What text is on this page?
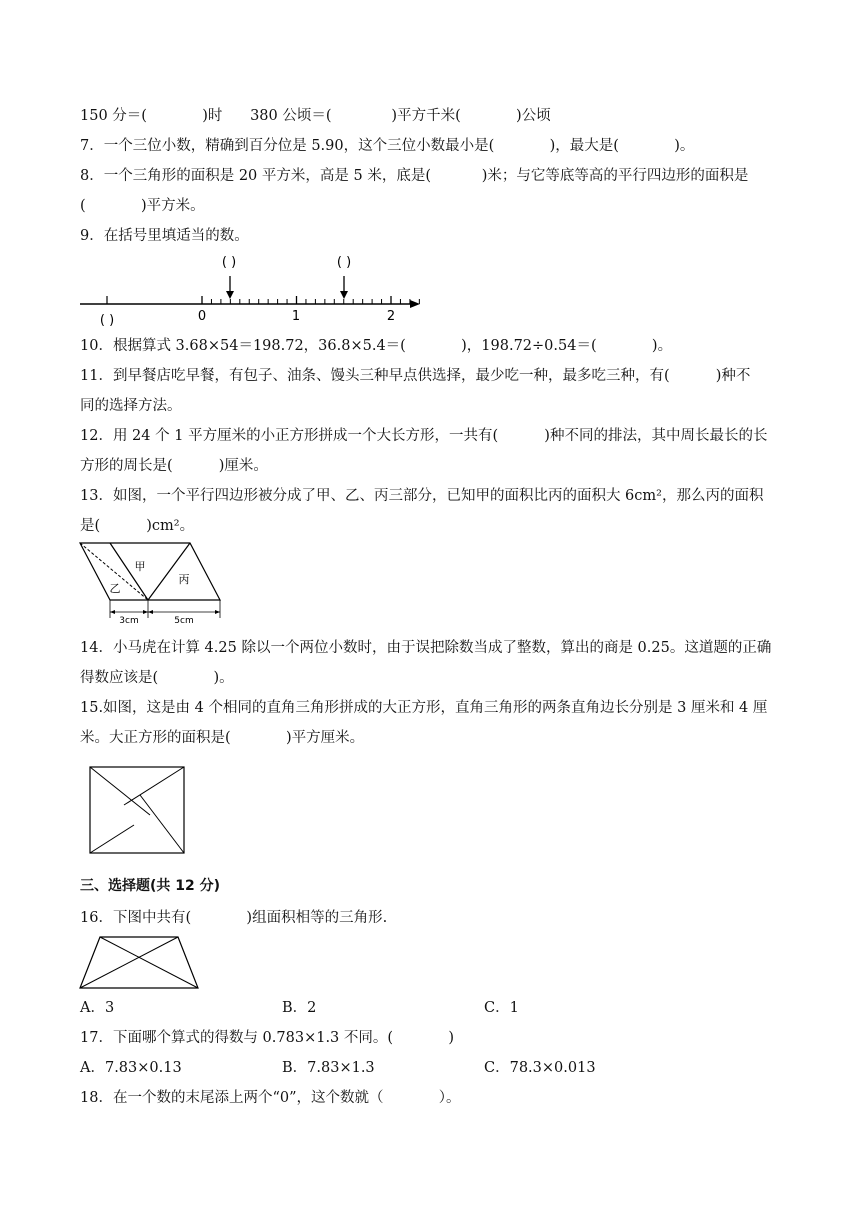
150 分＝(            )时      380 公顷＝(             )平方千米(            )公顷
7．一个三位小数，精确到百分位是 5.90，这个三位小数最小是(            )，最大是(            )。
8．一个三角形的面积是 20 平方米，高是 5 米，底是(           )米；与它等底等高的平行四边形的面积是
(            )平方米。
9．在括号里填适当的数。
0	1	2
( )
( )	( )
10．根据算式 3.68×54＝198.72，36.8×5.4＝(            )，198.72÷0.54＝(            )。
11．到早餐店吃早餐，有包子、油条、馒头三种早点供选择，最少吃一种，最多吃三种，有(          )种不
同的选择方法。
12．用 24 个 1 平方厘米的小正方形拼成一个大长方形，一共有(          )种不同的排法，其中周长最长的长
方形的周长是(          )厘米。
13．如图，一个平行四边形被分成了甲、乙、丙三部分，已知甲的面积比丙的面积大 6cm²，那么丙的面积
是(          )cm²。
甲
乙
丙
3cm	5cm
14．小马虎在计算 4.25 除以一个两位小数时，由于误把除数当成了整数，算出的商是 0.25。这道题的正确
得数应该是(            )。
15.如图，这是由 4 个相同的直角三角形拼成的大正方形，直角三角形的两条直角边长分别是 3 厘米和 4 厘
米。大正方形的面积是(            )平方厘米。
三、选择题(共 12 分)
16．下图中共有(            )组面积相等的三角形.
A．3	B．2	C．1
17．下面哪个算式的得数与 0.783×1.3 不同。(            )
A．7.83×0.13	B．7.83×1.3	C．78.3×0.013
18．在一个数的末尾添上两个“0”，这个数就（            ）。
